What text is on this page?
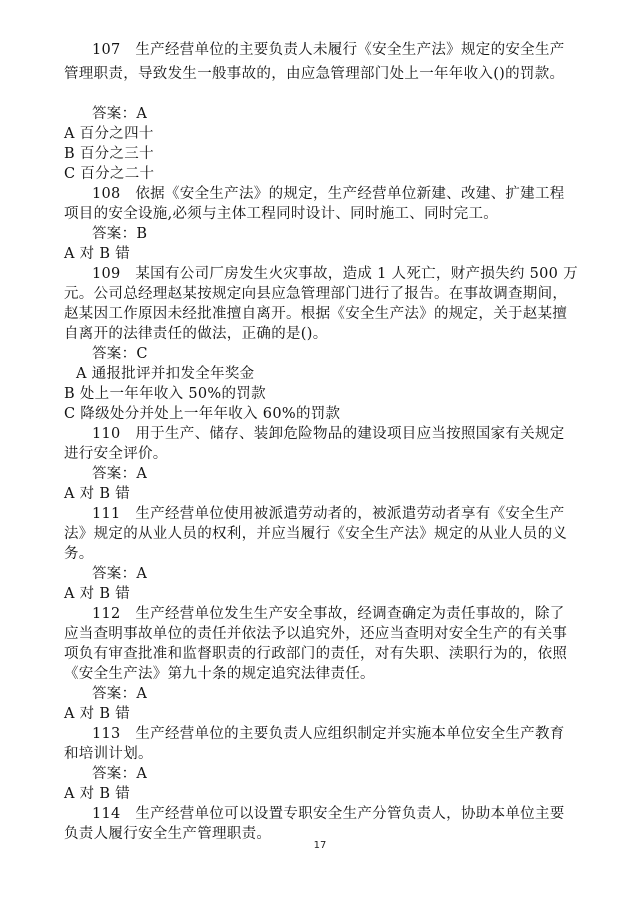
107　生产经营单位的主要负责人未履行《安全生产法》规定的安全生产
管理职责，导致发生一般事故的，由应急管理部门处上一年年收入()的罚款。
答案：A
A 百分之四十
B 百分之三十
C 百分之二十
108　依据《安全生产法》的规定，生产经营单位新建、改建、扩建工程
项目的安全设施,必须与主体工程同时设计、同时施工、同时完工。
答案：B
A 对 B 错
109　某国有公司厂房发生火灾事故，造成 1 人死亡，财产损失约 500 万
元。公司总经理赵某按规定向县应急管理部门进行了报告。在事故调查期间，
赵某因工作原因未经批准擅自离开。根据《安全生产法》的规定，关于赵某擅
自离开的法律责任的做法，正确的是()。
答案：C
A 通报批评并扣发全年奖金
B 处上一年年收入 50%的罚款
C 降级处分并处上一年年收入 60%的罚款
110　用于生产、储存、装卸危险物品的建设项目应当按照国家有关规定
进行安全评价。
答案：A
A 对 B 错
111　生产经营单位使用被派遣劳动者的，被派遣劳动者享有《安全生产
法》规定的从业人员的权利，并应当履行《安全生产法》规定的从业人员的义
务。
答案：A
A 对 B 错
112　生产经营单位发生生产安全事故，经调查确定为责任事故的，除了
应当查明事故单位的责任并依法予以追究外，还应当查明对安全生产的有关事
项负有审查批准和监督职责的行政部门的责任，对有失职、渎职行为的，依照
《安全生产法》第九十条的规定追究法律责任。
答案：A
A 对 B 错
113　生产经营单位的主要负责人应组织制定并实施本单位安全生产教育
和培训计划。
答案：A
A 对 B 错
114　生产经营单位可以设置专职安全生产分管负责人，协助本单位主要
负责人履行安全生产管理职责。
17
